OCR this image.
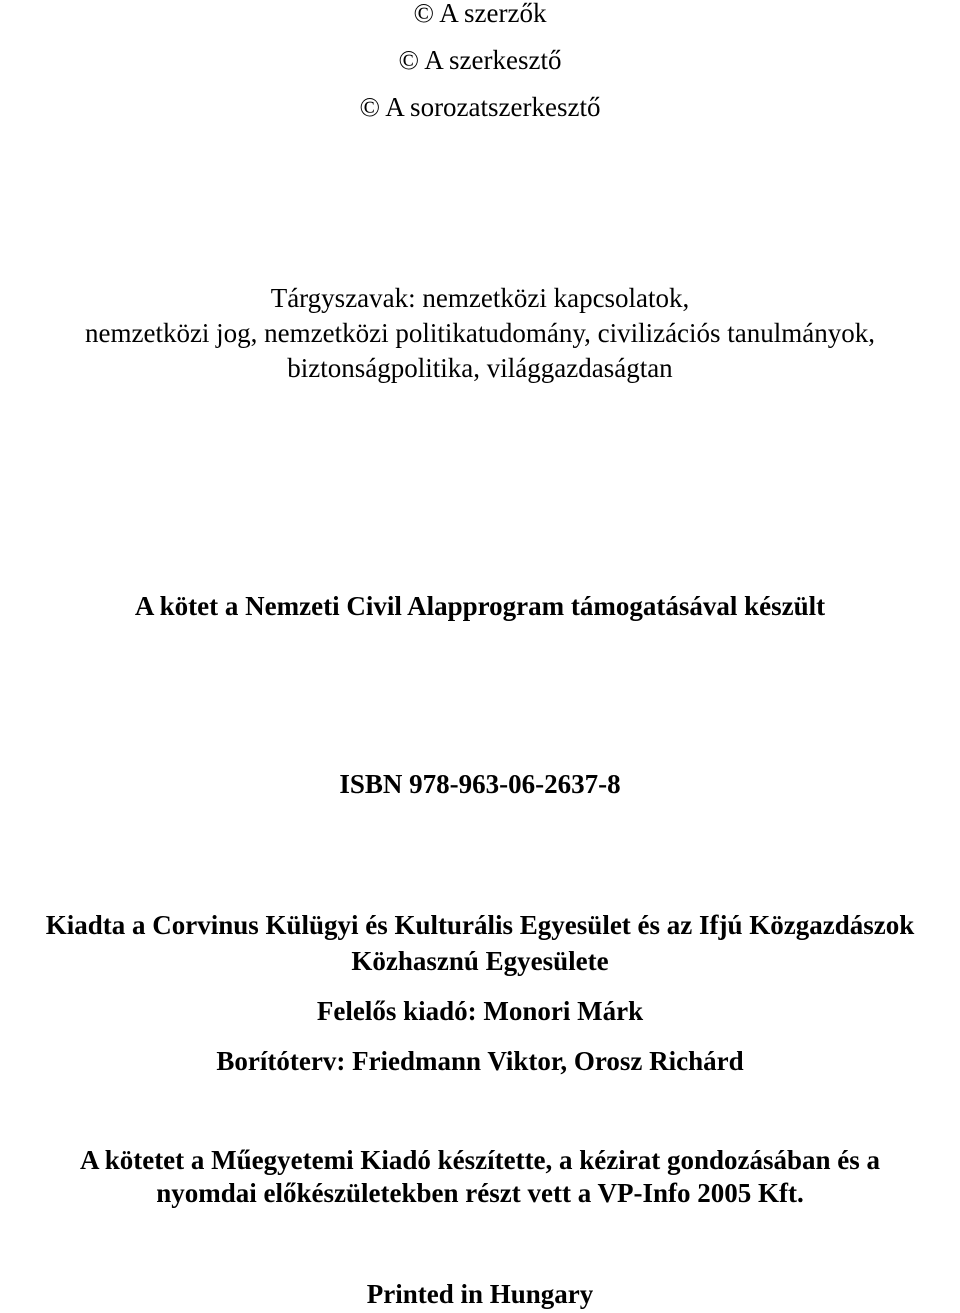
© A szerzők
© A szerkesztő
© A sorozatszerkesztő
Tárgyszavak: nemzetközi kapcsolatok,
nemzetközi jog, nemzetközi politikatudomány, civilizációs tanulmányok,
biztonságpolitika, világgazdaságtan
A kötet a Nemzeti Civil Alapprogram támogatásával készült
ISBN 978-963-06-2637-8
Kiadta a Corvinus Külügyi és Kulturális Egyesület és az Ifjú Közgazdászok
Közhasznú Egyesülete
Felelős kiadó: Monori Márk
Borítóterv: Friedmann Viktor, Orosz Richárd
A kötetet a Műegyetemi Kiadó készítette, a kézirat gondozásában és a
nyomdai előkészületekben részt vett a VP-Info 2005 Kft.
Printed in Hungary
